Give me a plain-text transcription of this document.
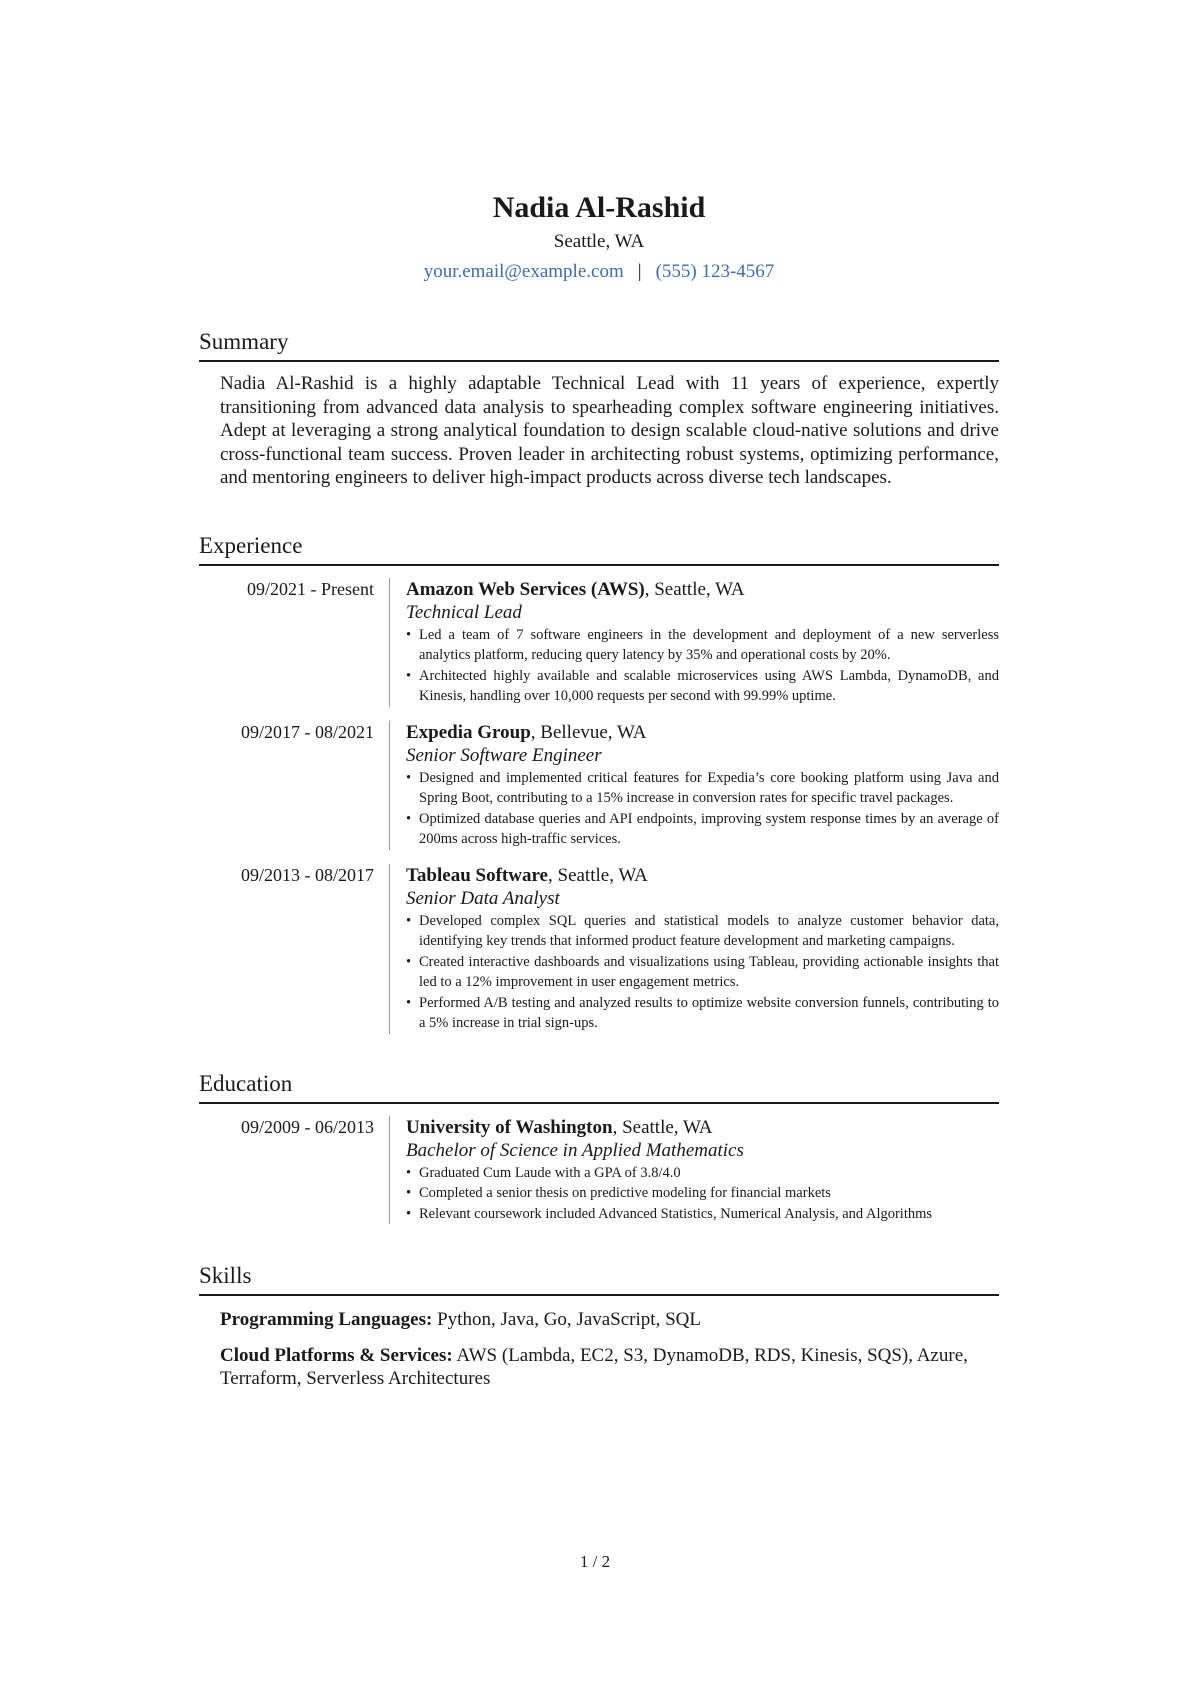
Nadia Al-Rashid
Seattle, WA
your.email@example.com | (555) 123-4567
Summary

Nadia Al-Rashid is a highly adaptable Technical Lead with 11 years of experience, expertly transitioning from advanced data analysis to spearheading complex software engineering initiatives. Adept at leveraging a strong analytical foundation to design scalable cloud-native solutions and drive cross-functional team success. Proven leader in architecting robust systems, optimizing performance, and mentoring engineers to deliver high-impact products across diverse tech landscapes.

Experience
09/2021 - Present	Amazon Web Services (AWS), Seattle, WA
Technical Lead
• Led a team of 7 software engineers in the development and deployment of a new serverless analytics platform, reducing query latency by 35% and operational costs by 20%.
• Architected highly available and scalable microservices using AWS Lambda, DynamoDB, and Kinesis, handling over 10,000 requests per second with 99.99% uptime.
09/2017 - 08/2021	Expedia Group, Bellevue, WA
Senior Software Engineer
• Designed and implemented critical features for Expedia’s core booking platform using Java and Spring Boot, contributing to a 15% increase in conversion rates for specific travel packages.
• Optimized database queries and API endpoints, improving system response times by an average of 200ms across high-traffic services.
09/2013 - 08/2017	Tableau Software, Seattle, WA
Senior Data Analyst
• Developed complex SQL queries and statistical models to analyze customer behavior data, identifying key trends that informed product feature development and marketing campaigns.
• Created interactive dashboards and visualizations using Tableau, providing actionable insights that led to a 12% improvement in user engagement metrics.
• Performed A/B testing and analyzed results to optimize website conversion funnels, contributing to a 5% increase in trial sign-ups.
Education
09/2009 - 06/2013	University of Washington, Seattle, WA
Bachelor of Science in Applied Mathematics
• Graduated Cum Laude with a GPA of 3.8/4.0
• Completed a senior thesis on predictive modeling for financial markets
• Relevant coursework included Advanced Statistics, Numerical Analysis, and Algorithms
Skills
Programming Languages: Python, Java, Go, JavaScript, SQL
Cloud Platforms & Services: AWS (Lambda, EC2, S3, DynamoDB, RDS, Kinesis, SQS), Azure, Terraform, Serverless Architectures
1 / 2
